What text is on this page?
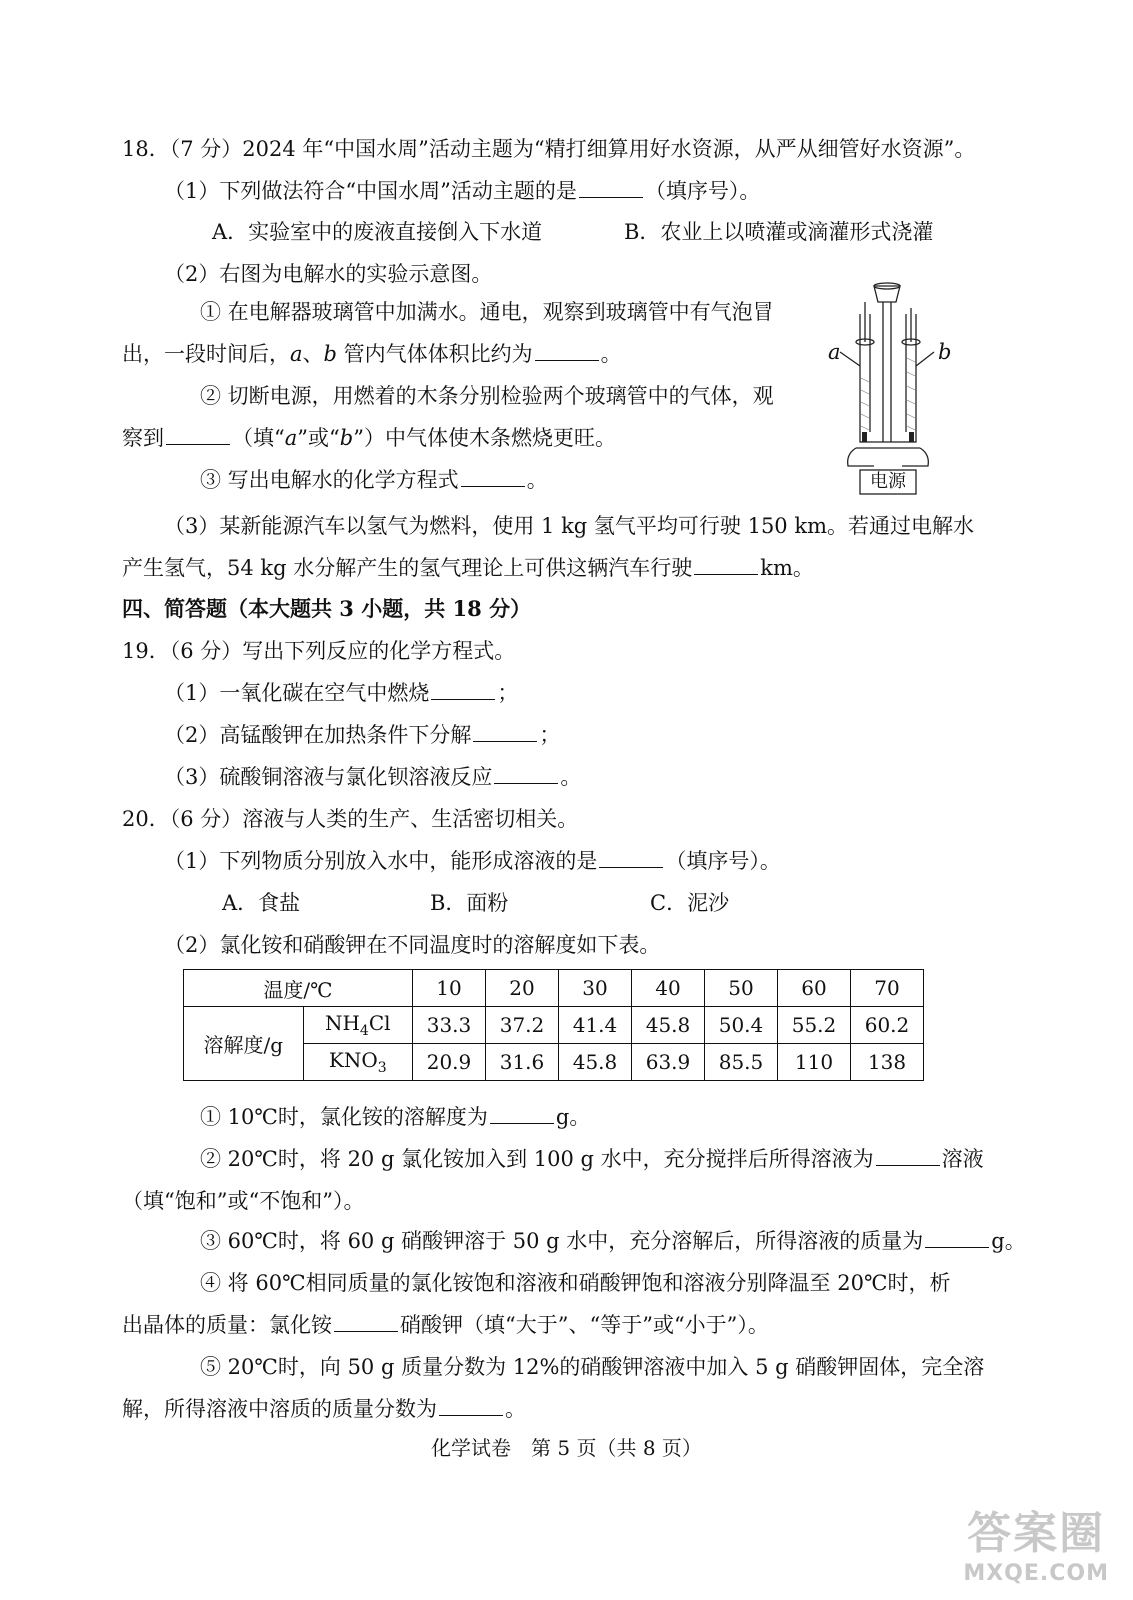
18．（7 分）2024 年“中国水周”活动主题为“精打细算用好水资源，从严从细管好水资源”。
（1）下列做法符合“中国水周”活动主题的是	（填序号）。
A．实验室中的废液直接倒入下水道	B．农业上以喷灌或滴灌形式浇灌
（2）右图为电解水的实验示意图。
① 在电解器玻璃管中加满水。通电，观察到玻璃管中有气泡冒
出，一段时间后，a、b 管内气体体积比约为	。
② 切断电源，用燃着的木条分别检验两个玻璃管中的气体，观
察到	（填“a”或“b”）中气体使木条燃烧更旺。
③ 写出电解水的化学方程式	。
（3）某新能源汽车以氢气为燃料，使用 1 kg 氢气平均可行驶 150 km。若通过电解水
产生氢气，54 kg 水分解产生的氢气理论上可供这辆汽车行驶	km。
a	b
电源
四、简答题（本大题共 3 小题，共 18 分）
19．（6 分）写出下列反应的化学方程式。
（1）一氧化碳在空气中燃烧	；
（2）高锰酸钾在加热条件下分解	；
（3）硫酸铜溶液与氯化钡溶液反应	。
20．（6 分）溶液与人类的生产、生活密切相关。
（1）下列物质分别放入水中，能形成溶液的是	（填序号）。
A．食盐	B．面粉	C．泥沙
（2）氯化铵和硝酸钾在不同温度时的溶解度如下表。
温度/℃		10	20	30	40	50	60	70
溶解度/g	$NH_4Cl$	33.3	37.2	41.4	45.8	50.4	55.2	60.2
	$KNO_3$	20.9	31.6	45.8	63.9	85.5	110	138
① 10℃时，氯化铵的溶解度为	g。
② 20℃时，将 20 g 氯化铵加入到 100 g 水中，充分搅拌后所得溶液为	溶液
（填“饱和”或“不饱和”）。
③ 60℃时，将 60 g 硝酸钾溶于 50 g 水中，充分溶解后，所得溶液的质量为	g。
④ 将 60℃相同质量的氯化铵饱和溶液和硝酸钾饱和溶液分别降温至 20℃时，析
出晶体的质量：氯化铵	硝酸钾（填“大于”、“等于”或“小于”）。
⑤ 20℃时，向 50 g 质量分数为 12%的硝酸钾溶液中加入 5 g 硝酸钾固体，完全溶
解，所得溶液中溶质的质量分数为	。
化学试卷　第 5 页（共 8 页）
答案圈
MXQE.COM
